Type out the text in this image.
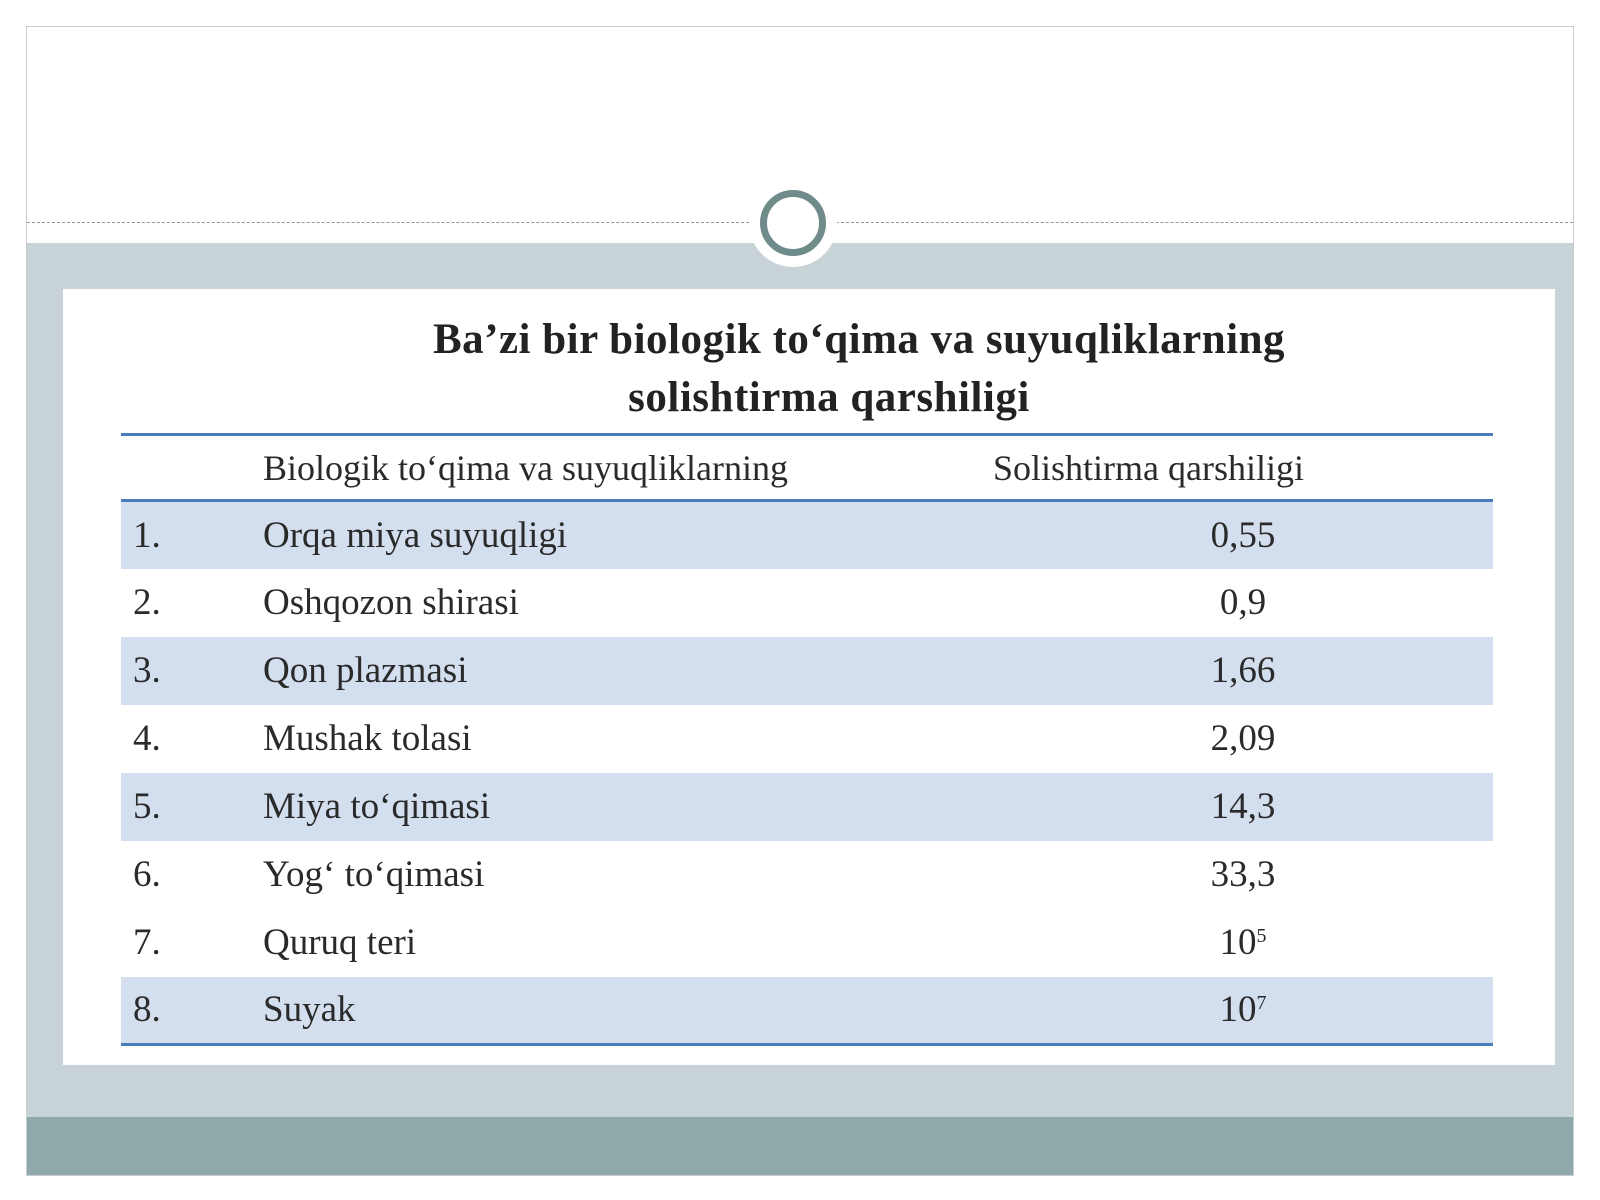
Ba’zi bir biologik to‘qima va suyuqliklarning
solishtirma qarshiligi
	Biologik to‘qima va suyuqliklarning	Solishtirma qarshiligi
1.	Orqa miya suyuqligi	0,55
2.	Oshqozon shirasi	0,9
3.	Qon plazmasi	1,66
4.	Mushak tolasi	2,09
5.	Miya to‘qimasi	14,3
6.	Yog‘ to‘qimasi	33,3
7.	Quruq teri	$10^5$
8.	Suyak	$10^7$
